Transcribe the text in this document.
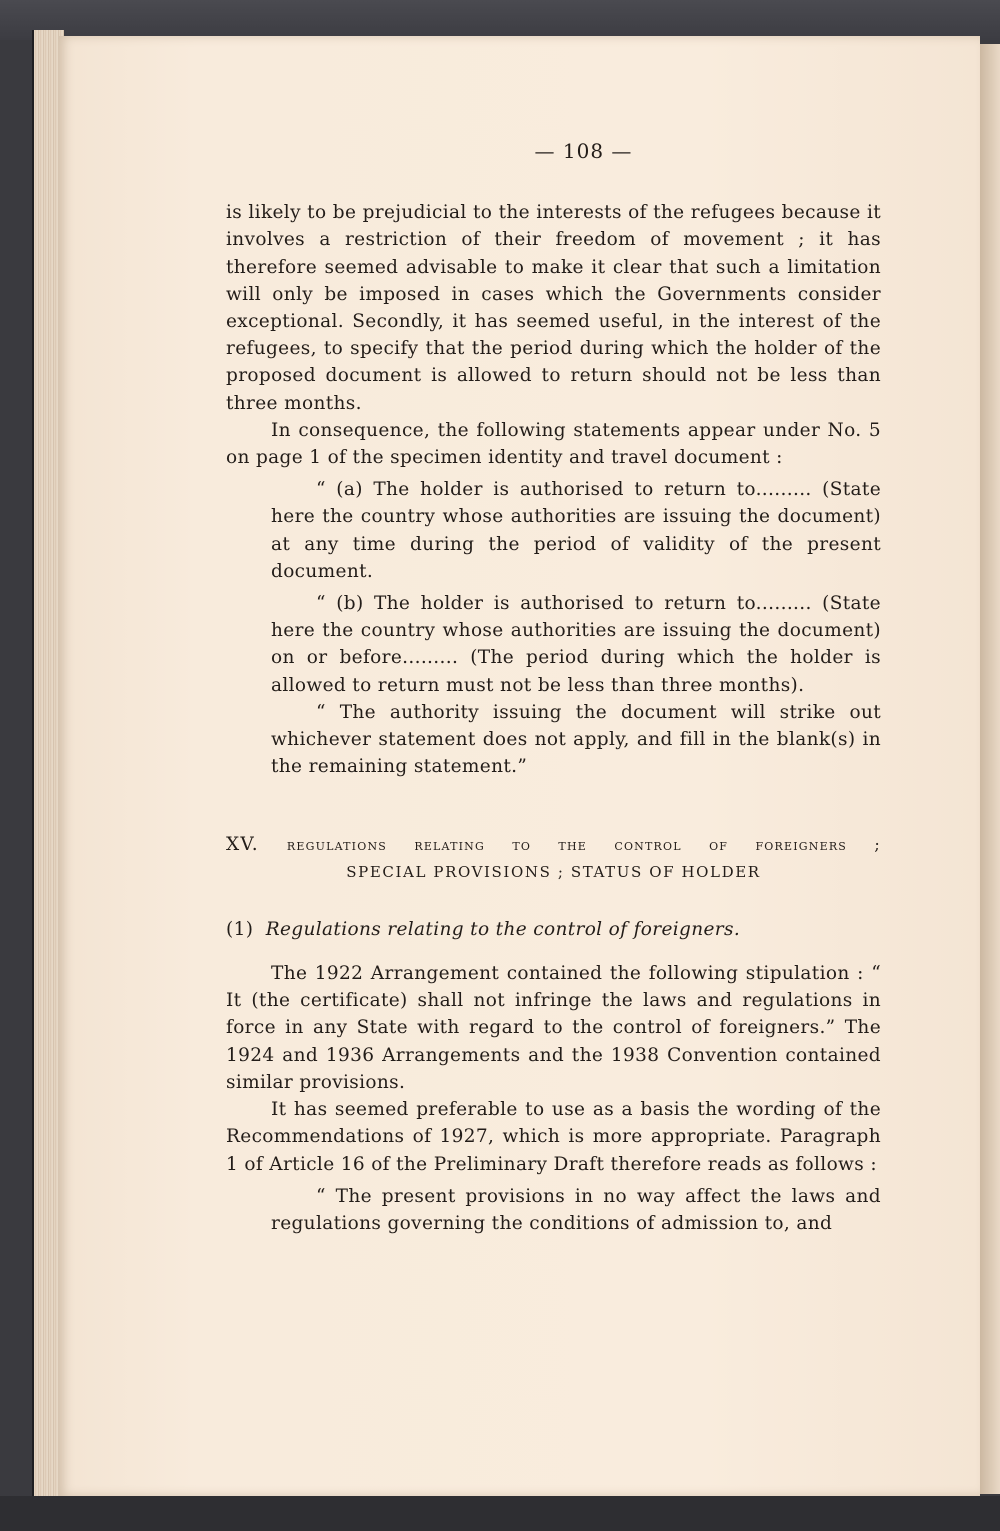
— 108 —

is likely to be prejudicial to the interests of the refugees because it involves a restriction of their freedom of movement ; it has therefore seemed advisable to make it clear that such a limitation will only be imposed in cases which the Governments consider exceptional. Secondly, it has seemed useful, in the interest of the refugees, to specify that the period during which the holder of the proposed document is allowed to return should not be less than three months.

In consequence, the following statements appear under No. 5 on page 1 of the specimen identity and travel document :

“ (a) The holder is authorised to return to......... (State here the country whose authorities are issuing the document) at any time during the period of validity of the present document.

“ (b) The holder is authorised to return to......... (State here the country whose authorities are issuing the document) on or before......... (The period during which the holder is allowed to return must not be less than three months).

“ The authority issuing the document will strike out whichever statement does not apply, and fill in the blank(s) in the remaining statement.”

XV. regulations relating to the control of foreigners ;
SPECIAL PROVISIONS ; STATUS OF HOLDER
(1) Regulations relating to the control of foreigners.

The 1922 Arrangement contained the following stipulation : “ It (the certificate) shall not infringe the laws and regulations in force in any State with regard to the control of foreigners.” The 1924 and 1936 Arrangements and the 1938 Convention contained similar provisions.

It has seemed preferable to use as a basis the wording of the Recommendations of 1927, which is more appropriate. Paragraph 1 of Article 16 of the Preliminary Draft therefore reads as follows :

“ The present provisions in no way affect the laws and regulations governing the conditions of admission to, and
